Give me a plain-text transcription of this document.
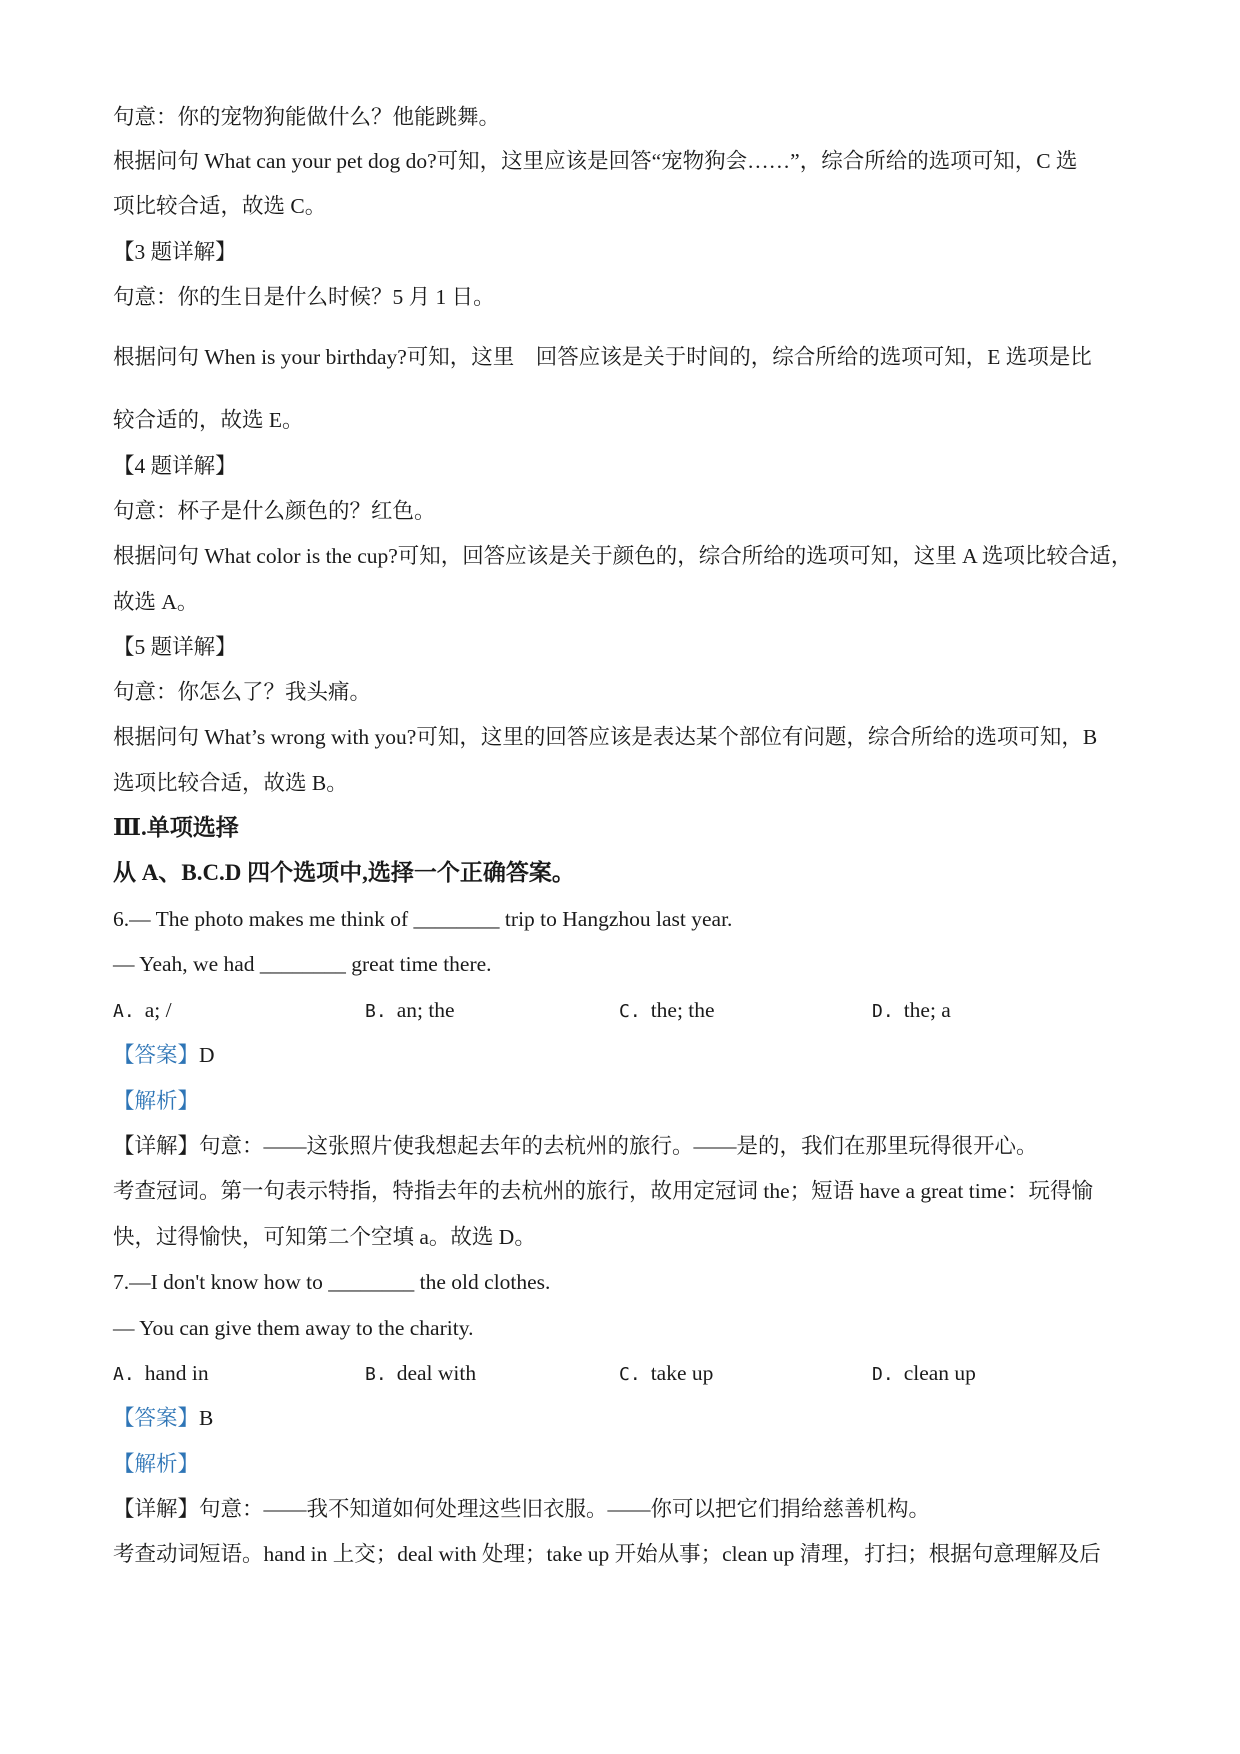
句意：你的宠物狗能做什么？他能跳舞。
根据问句 What can your pet dog do?可知，这里应该是回答“宠物狗会……”，综合所给的选项可知，C 选
项比较合适，故选 C。
【3 题详解】
句意：你的生日是什么时候？5 月 1 日。
根据问句 When is your birthday?可知，这里　回答应该是关于时间的，综合所给的选项可知，E 选项是比
较合适的，故选 E。
【4 题详解】
句意：杯子是什么颜色的？红色。
根据问句 What color is the cup?可知，回答应该是关于颜色的，综合所给的选项可知，这里 A 选项比较合适，
故选 A。
【5 题详解】
句意：你怎么了？我头痛。
根据问句 What’s wrong with you?可知，这里的回答应该是表达某个部位有问题，综合所给的选项可知，B
选项比较合适，故选 B。
Ⅲ.单项选择
从 A、B.C.D 四个选项中,选择一个正确答案。
6.— The photo makes me think of ________ trip to Hangzhou last year.
— Yeah, we had ________ great time there.
A. a; /	B. an; the	C. the; the	D. the; a
【答案】D
【解析】
【详解】句意：——这张照片使我想起去年的去杭州的旅行。——是的，我们在那里玩得很开心。
考查冠词。第一句表示特指，特指去年的去杭州的旅行，故用定冠词 the；短语 have a great time：玩得愉
快，过得愉快，可知第二个空填 a。故选 D。
7.—I don't know how to ________ the old clothes.
— You can give them away to the charity.
A. hand in	B. deal with	C. take up	D. clean up
【答案】B
【解析】
【详解】句意：——我不知道如何处理这些旧衣服。——你可以把它们捐给慈善机构。
考查动词短语。hand in 上交；deal with 处理；take up 开始从事；clean up 清理，打扫；根据句意理解及后
